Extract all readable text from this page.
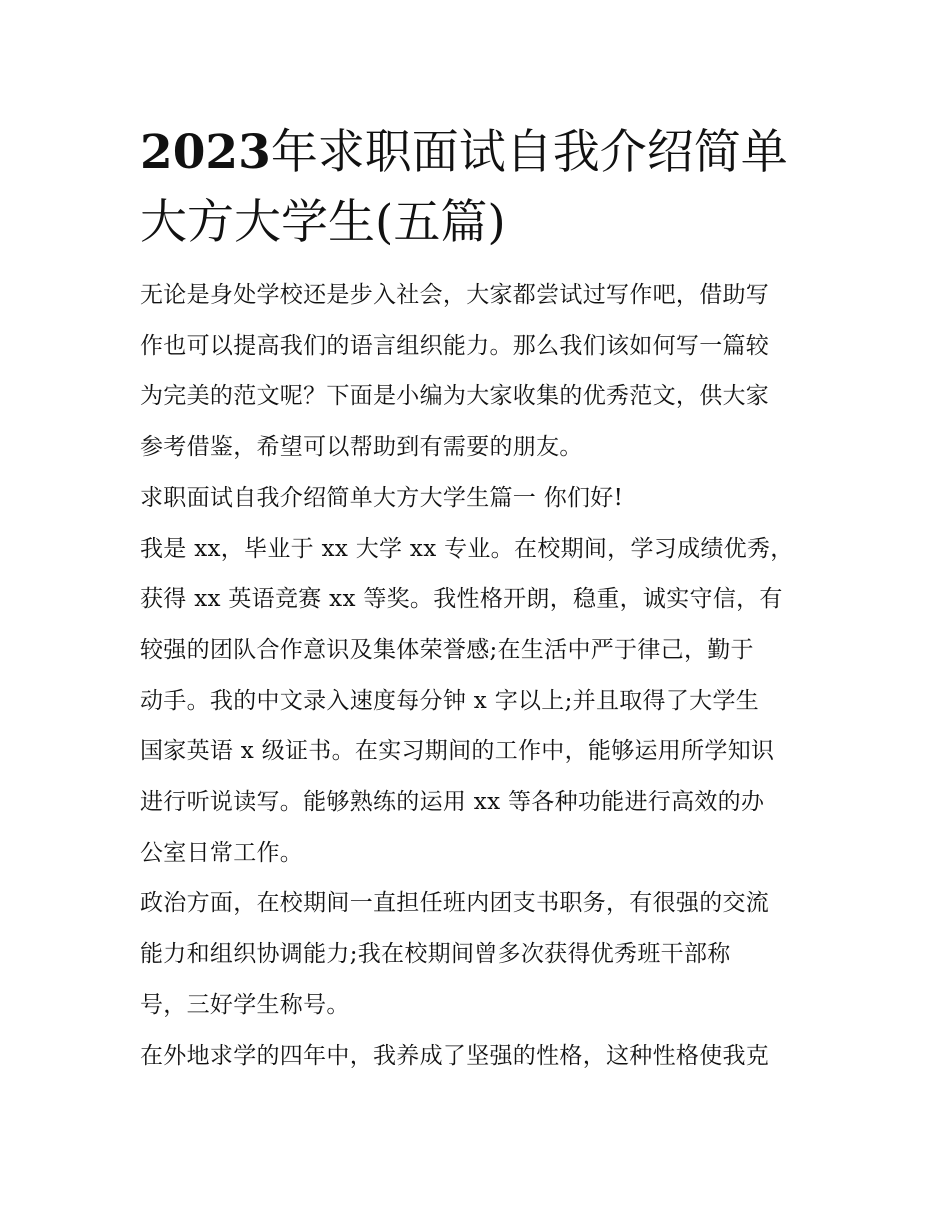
2023年求职面试自我介绍简单
大方大学生(五篇)

无论是身处学校还是步入社会，大家都尝试过写作吧，借助写
作也可以提高我们的语言组织能力。那么我们该如何写一篇较
为完美的范文呢？下面是小编为大家收集的优秀范文，供大家
参考借鉴，希望可以帮助到有需要的朋友。

求职面试自我介绍简单大方大学生篇一 你们好!

我是 xx，毕业于 xx 大学 xx 专业。在校期间，学习成绩优秀，
获得 xx 英语竞赛 xx 等奖。我性格开朗，稳重，诚实守信，有
较强的团队合作意识及集体荣誉感;在生活中严于律己，勤于
动手。我的中文录入速度每分钟 x 字以上;并且取得了大学生
国家英语 x 级证书。在实习期间的工作中，能够运用所学知识
进行听说读写。能够熟练的运用 xx 等各种功能进行高效的办
公室日常工作。

政治方面，在校期间一直担任班内团支书职务，有很强的交流
能力和组织协调能力;我在校期间曾多次获得优秀班干部称
号，三好学生称号。

在外地求学的四年中，我养成了坚强的性格，这种性格使我克
